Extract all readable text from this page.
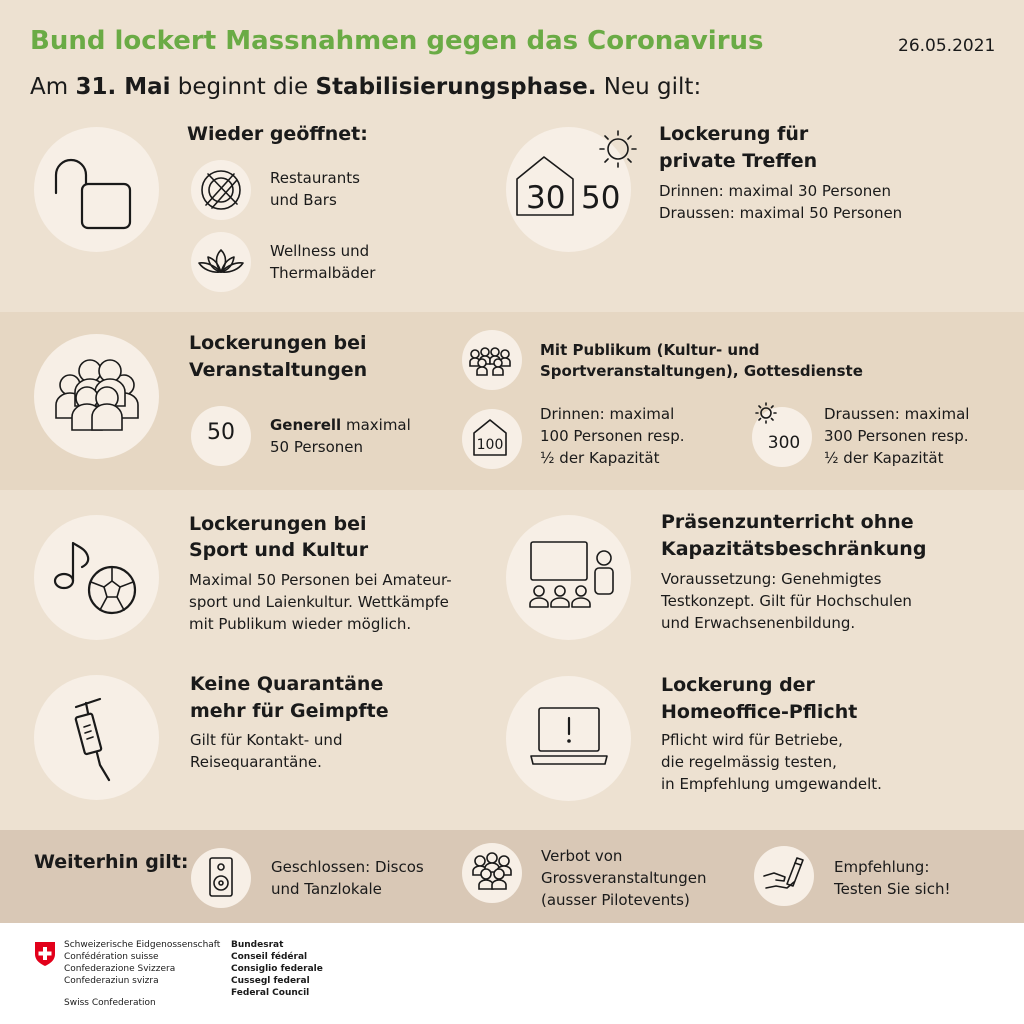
Bund lockert Massnahmen gegen das Coronavirus	26.05.2021
Am 31. Mai beginnt die Stabilisierungsphase. Neu gilt:
Wieder geöffnet:
Restaurants
und Bars
Wellness und
Thermalbäder
30 50
Lockerung für
private Treffen
Drinnen: maximal 30 Personen
Draussen: maximal 50 Personen
Lockerungen bei
Veranstaltungen
50	Generell maximal
50 Personen
Mit Publikum (Kultur- und
Sportveranstaltungen), Gottesdienste
100
Drinnen: maximal
100 Personen resp.
½ der Kapazität
300
Draussen: maximal
300 Personen resp.
½ der Kapazität
Lockerungen bei
Sport und Kultur
Maximal 50 Personen bei Amateur-
sport und Laienkultur. Wettkämpfe
mit Publikum wieder möglich.
Präsenzunterricht ohne
Kapazitätsbeschränkung
Voraussetzung: Genehmigtes
Testkonzept. Gilt für Hochschulen
und Erwachsenenbildung.
Keine Quarantäne
mehr für Geimpfte
Gilt für Kontakt- und
Reisequarantäne.
Lockerung der
Homeoffice-Pflicht
Pflicht wird für Betriebe,
die regelmässig testen,
in Empfehlung umgewandelt.
Weiterhin gilt:	Geschlossen: Discos
und Tanzlokale
Verbot von
Grossveranstaltungen
(ausser Pilotevents)
Empfehlung:
Testen Sie sich!
Schweizerische Eidgenossenschaft
Confédération suisse
Confederazione Svizzera
Confederaziun svizra
Swiss Confederation
Bundesrat
Conseil fédéral
Consiglio federale
Cussegl federal
Federal Council
